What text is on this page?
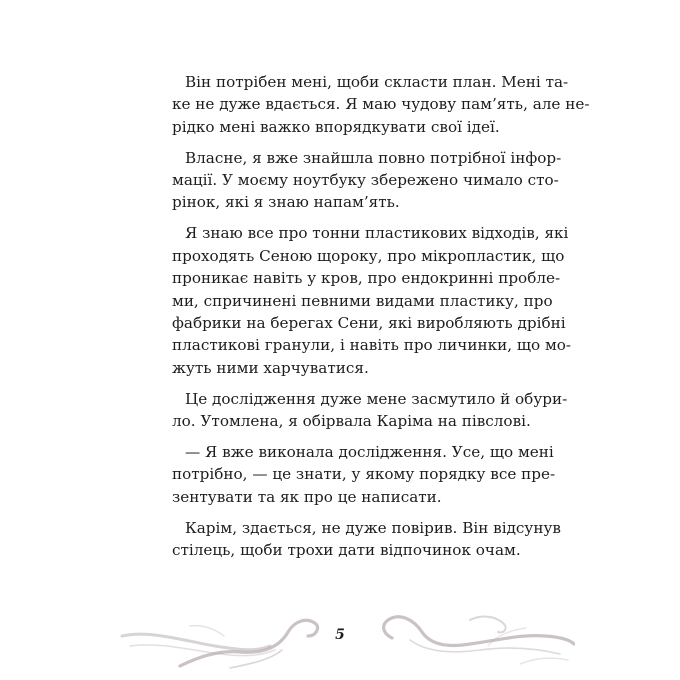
Він потрібен мені, щоби скласти план. Мені та-
ке не дуже вдається. Я маю чудову пам’ять, але не-
рідко мені важко впорядкувати свої ідеї.
Власне, я вже знайшла повно потрібної інфор-
мації. У моєму ноутбуку збережено чимало сто-
рінок, які я знаю напам’ять.
Я знаю все про тонни пластикових відходів, які
проходять Сеною щороку, про мікропластик, що
проникає навіть у кров, про ендокринні пробле-
ми, спричинені певними видами пластику, про
фабрики на берегах Сени, які виробляють дрібні
пластикові гранули, і навіть про личинки, що мо-
жуть ними харчуватися.
Це дослідження дуже мене засмутило й обури-
ло. Утомлена, я обірвала Каріма на півслові.
— Я вже виконала дослідження. Усе, що мені
потрібно, — це знати, у якому порядку все пре-
зентувати та як про це написати.
Карім, здається, не дуже повірив. Він відсунув
стілець, щоби трохи дати відпочинок очам.
5
